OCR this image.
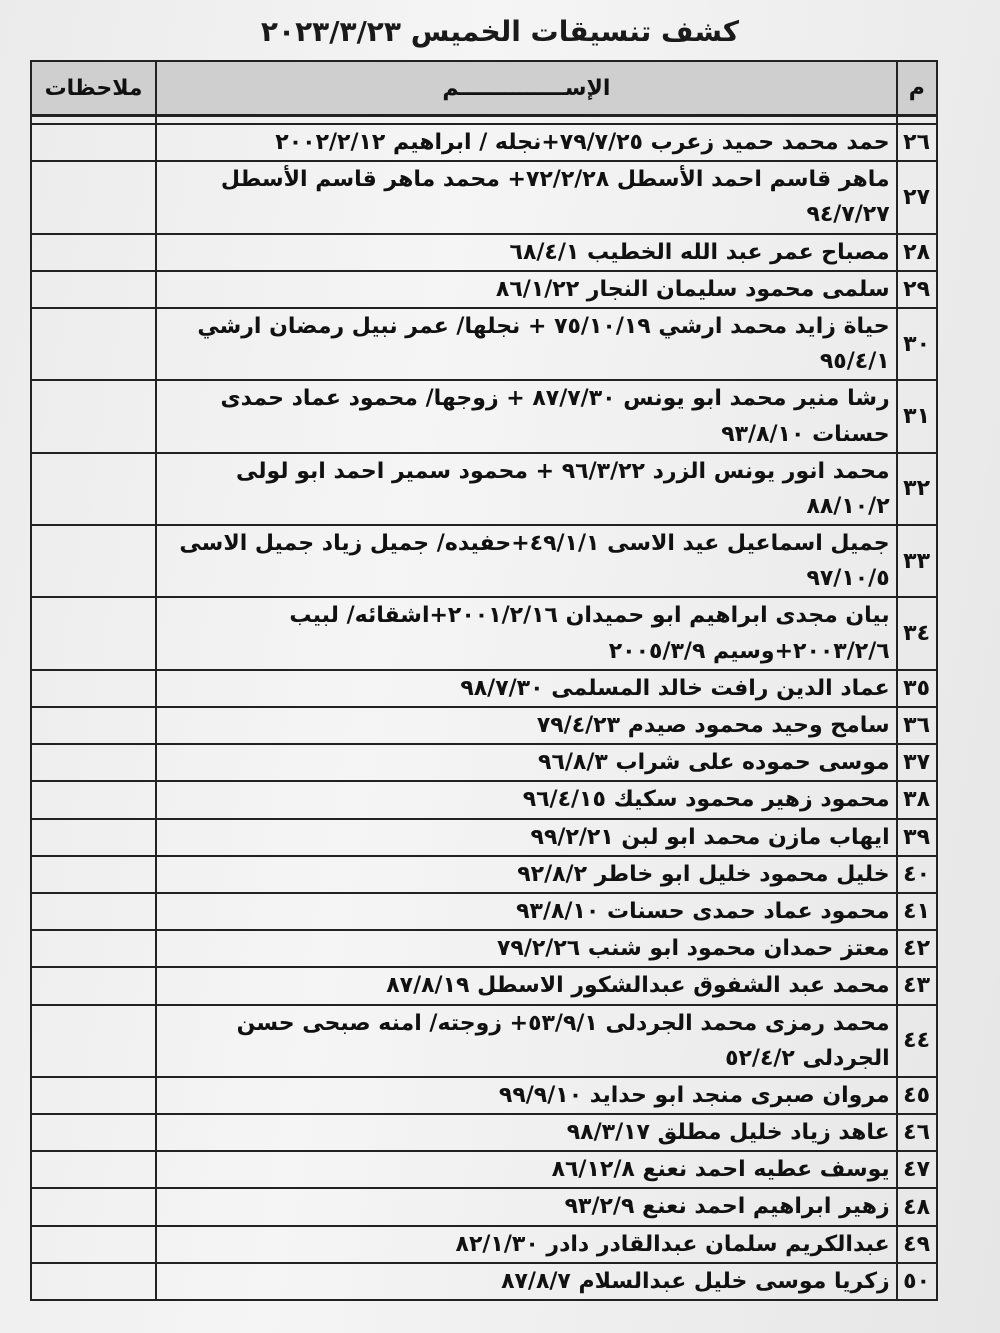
كشف تنسيقات الخميس ٢٠٢٣/٣/٢٣
م	الإســــــــــــــم	ملاحظات

٢٦	حمد محمد حميد زعرب ٧٩/٧/٢٥+نجله / ابراهيم ٢٠٠٢/٢/١٢	
٢٧	ماهر قاسم احمد الأسطل ٧٢/٢/٢٨+ محمد ماهر قاسم الأسطل ٩٤/٧/٢٧	
٢٨	مصباح عمر عبد الله الخطيب ٦٨/٤/١	
٢٩	سلمى محمود سليمان النجار ٨٦/١/٢٢	
٣٠	حياة زايد محمد ارشي ٧٥/١٠/١٩ + نجلها/ عمر نبيل رمضان ارشي ٩٥/٤/١	
٣١	رشا منير محمد ابو يونس ٨٧/٧/٣٠ + زوجها/ محمود عماد حمدى حسنات ٩٣/٨/١٠	
٣٢	محمد انور يونس الزرد ٩٦/٣/٢٢ + محمود سمير احمد ابو لولى ٨٨/١٠/٢	
٣٣	جميل اسماعيل عيد الاسى ٤٩/١/١+حفيده/ جميل زياد جميل الاسى ٩٧/١٠/٥	
٣٤	بيان مجدى ابراهيم ابو حميدان ٢٠٠١/٢/١٦+اشقائه/ لبيب ٢٠٠٣/٢/٦+وسيم ٢٠٠٥/٣/٩	
٣٥	عماد الدين رافت خالد المسلمى ٩٨/٧/٣٠	
٣٦	سامح وحيد محمود صيدم ٧٩/٤/٢٣	
٣٧	موسى حموده على شراب ٩٦/٨/٣	
٣٨	محمود زهير محمود سكيك ٩٦/٤/١٥	
٣٩	ايهاب مازن محمد ابو لبن ٩٩/٢/٢١	
٤٠	خليل محمود خليل ابو خاطر ٩٢/٨/٢	
٤١	محمود عماد حمدى حسنات ٩٣/٨/١٠	
٤٢	معتز حمدان محمود ابو شنب ٧٩/٢/٢٦	
٤٣	محمد عبد الشفوق عبدالشكور الاسطل ٨٧/٨/١٩	
٤٤	محمد رمزى محمد الجردلى ٥٣/٩/١+ زوجته/ امنه صبحى حسن الجردلى ٥٢/٤/٢	
٤٥	مروان صبرى منجد ابو حدايد ٩٩/٩/١٠	
٤٦	عاهد زياد خليل مطلق ٩٨/٣/١٧	
٤٧	يوسف عطيه احمد نعنع ٨٦/١٢/٨	
٤٨	زهير ابراهيم احمد نعنع ٩٣/٢/٩	
٤٩	عبدالكريم سلمان عبدالقادر دادر ٨٢/١/٣٠	
٥٠	زكريا موسى خليل عبدالسلام ٨٧/٨/٧	
